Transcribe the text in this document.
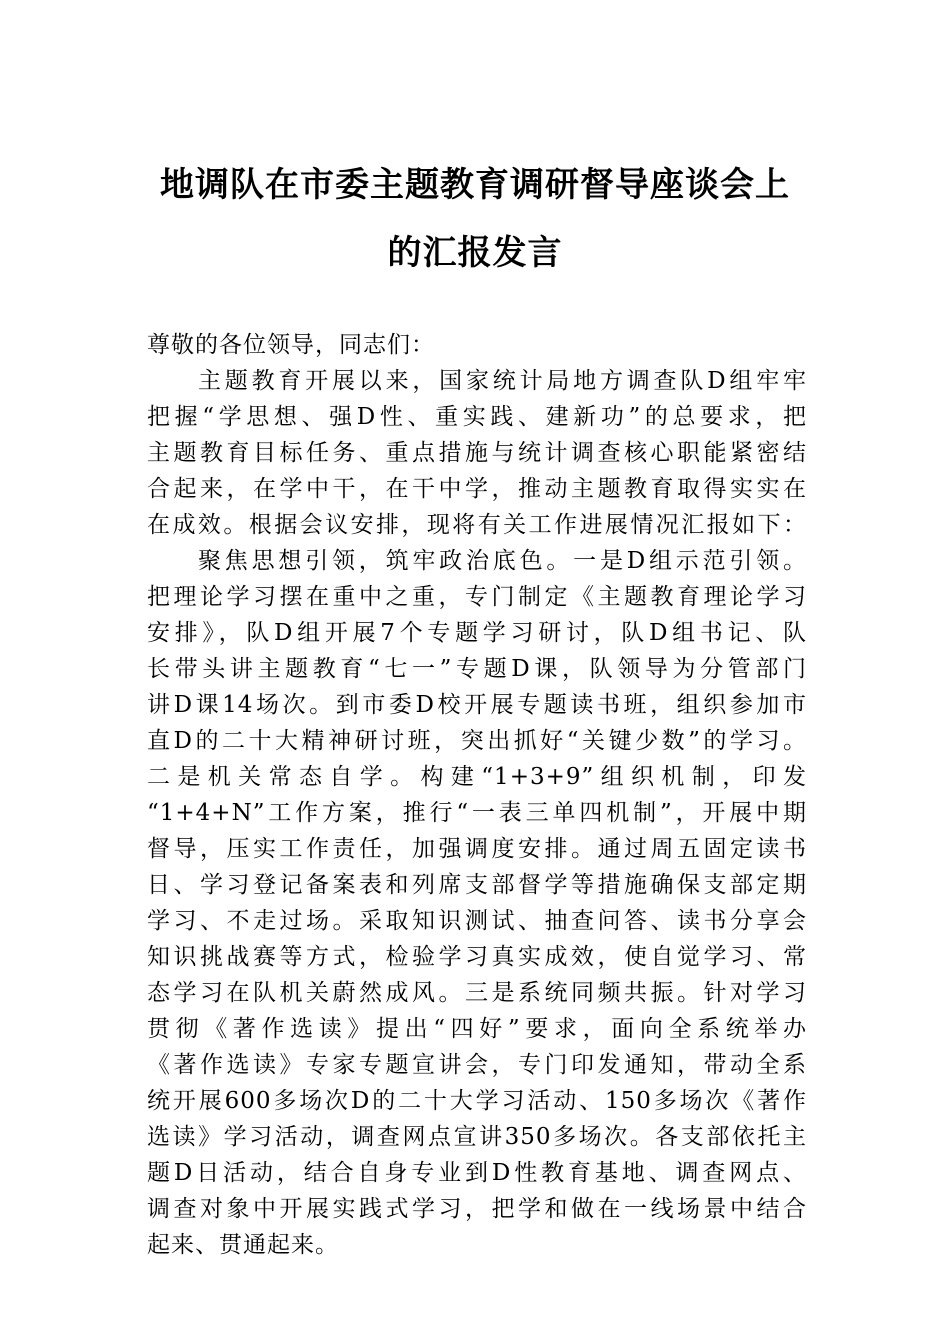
地调队在市委主题教育调研督导座谈会上
的汇报发言
尊敬的各位领导，同志们：
主题教育开展以来，国家统计局地方调查队D组牢牢
把握“学思想、强D性、重实践、建新功”的总要求，把
主题教育目标任务、重点措施与统计调查核心职能紧密结
合起来，在学中干，在干中学，推动主题教育取得实实在
在成效。根据会议安排，现将有关工作进展情况汇报如下：
聚焦思想引领，筑牢政治底色。一是D组示范引领。
把理论学习摆在重中之重，专门制定《主题教育理论学习
安排》，队D组开展7个专题学习研讨，队D组书记、队
长带头讲主题教育“七一”专题D课，队领导为分管部门
讲D课14场次。到市委D校开展专题读书班，组织参加市
直D的二十大精神研讨班，突出抓好“关键少数”的学习。
二是机关常态自学。构建“1+3+9”组织机制，印发
“1+4+N”工作方案，推行“一表三单四机制”，开展中期
督导，压实工作责任，加强调度安排。通过周五固定读书
日、学习登记备案表和列席支部督学等措施确保支部定期
学习、不走过场。采取知识测试、抽查问答、读书分享会
知识挑战赛等方式，检验学习真实成效，使自觉学习、常
态学习在队机关蔚然成风。三是系统同频共振。针对学习
贯彻《著作选读》提出“四好”要求，面向全系统举办
《著作选读》专家专题宣讲会，专门印发通知，带动全系
统开展600多场次D的二十大学习活动、150多场次《著作
选读》学习活动，调查网点宣讲350多场次。各支部依托主
题D日活动，结合自身专业到D性教育基地、调查网点、
调查对象中开展实践式学习，把学和做在一线场景中结合
起来、贯通起来。
